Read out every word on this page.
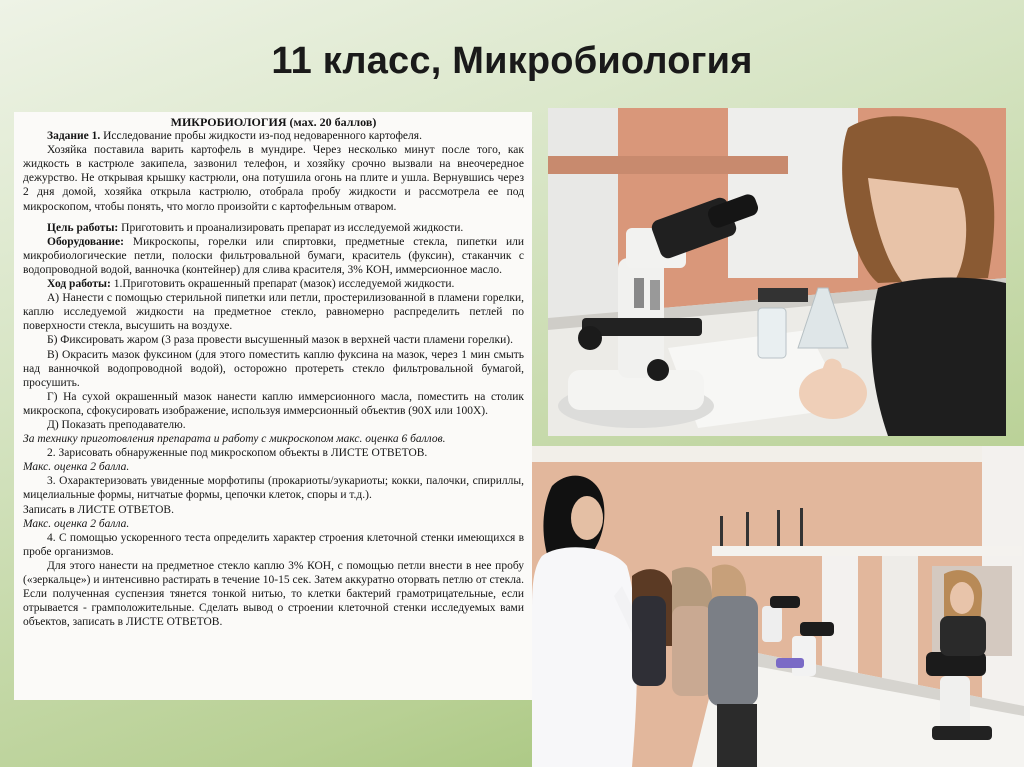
11 класс, Микробиология

МИКРОБИОЛОГИЯ (мах. 20 баллов)

Задание 1. Исследование пробы жидкости из-под недоваренного картофеля.

Хозяйка поставила варить картофель в мундире. Через несколько минут после того, как жидкость в кастрюле закипела, зазвонил телефон, и хозяйку срочно вызвали на внеочередное дежурство. Не открывая крышку кастрюли, она потушила огонь на плите и ушла. Вернувшись через 2 дня домой, хозяйка открыла кастрюлю, отобрала пробу жидкости и рассмотрела ее под микроскопом, чтобы понять, что могло произойти с картофельным отваром.

Цель работы: Приготовить и проанализировать препарат из исследуемой жидкости.

Оборудование: Микроскопы, горелки или спиртовки, предметные стекла, пипетки или микробиологические петли, полоски фильтровальной бумаги, краситель (фуксин), стаканчик с водопроводной водой, ванночка (контейнер) для слива красителя, 3% КОН, иммерсионное масло.

Ход работы: 1.Приготовить окрашенный препарат (мазок) исследуемой жидкости.

А) Нанести с помощью стерильной пипетки или петли, простерилизованной в пламени горелки, каплю исследуемой жидкости на предметное стекло, равномерно распределить петлей по поверхности стекла, высушить на воздухе.

Б) Фиксировать жаром (3 раза провести высушенный мазок в верхней части пламени горелки).

В) Окрасить мазок фуксином (для этого поместить каплю фуксина на мазок, через 1 мин смыть над ванночкой водопроводной водой), осторожно протереть стекло фильтровальной бумагой, просушить.

Г) На сухой окрашенный мазок нанести каплю иммерсионного масла, поместить на столик микроскопа, сфокусировать изображение, используя иммерсионный объектив (90Х или 100Х).

Д) Показать преподавателю.

За технику приготовления препарата и работу с микроскопом макс. оценка 6 баллов.

2. Зарисовать обнаруженные под микроскопом объекты в ЛИСТЕ ОТВЕТОВ.

Макс. оценка 2 балла.

3. Охарактеризовать увиденные морфотипы (прокариоты/эукариоты; кокки, палочки, спириллы, мицелиальные формы, нитчатые формы, цепочки клеток, споры и т.д.).

Записать в ЛИСТЕ ОТВЕТОВ.

Макс. оценка 2 балла.

4. С помощью ускоренного теста определить характер строения клеточной стенки имеющихся в пробе организмов.

Для этого нанести на предметное стекло каплю 3% КОН, с помощью петли внести в нее пробу («зеркальце») и интенсивно растирать в течение 10-15 сек. Затем аккуратно оторвать петлю от стекла. Если полученная суспензия тянется тонкой нитью, то клетки бактерий грамотрицательные, если отрывается - грамположительные. Сделать вывод о строении клеточной стенки исследуемых вами объектов, записать в ЛИСТЕ ОТВЕТОВ.
